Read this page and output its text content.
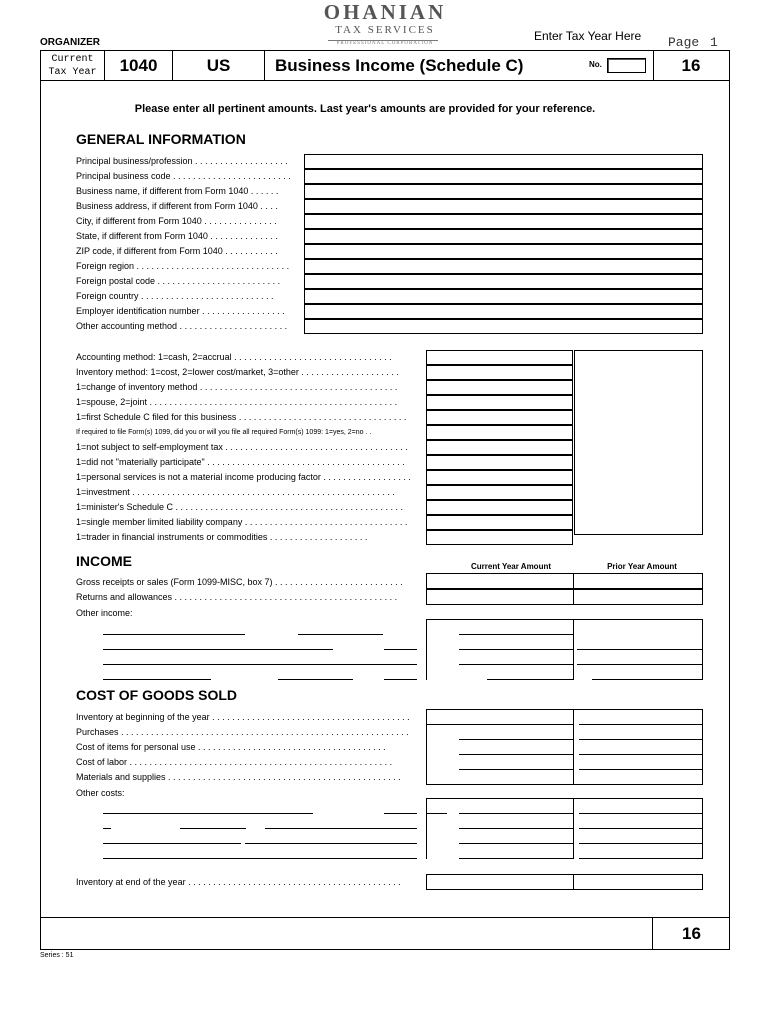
OHANIAN
TAX SERVICES
PROFESSIONAL CORPORATION
ORGANIZER	Enter Tax Year Here Page 1
Current
Tax Year	1040	US	Business Income (Schedule C)	No.	16
Please enter all pertinent amounts. Last year's amounts are provided for your reference.
GENERAL INFORMATION
Principal business/profession . . . . . . . . . . . . . . . . . . .
Principal business code . . . . . . . . . . . . . . . . . . . . . . . .
Business name, if different from Form 1040 . . . . . .
Business address, if different from Form 1040 . . . .
City, if different from Form 1040 . . . . . . . . . . . . . . .
State, if different from Form 1040 . . . . . . . . . . . . . .
ZIP code, if different from Form 1040 . . . . . . . . . . .
Foreign region . . . . . . . . . . . . . . . . . . . . . . . . . . . . . . .
Foreign postal code . . . . . . . . . . . . . . . . . . . . . . . . .
Foreign country . . . . . . . . . . . . . . . . . . . . . . . . . . .
Employer identification number . . . . . . . . . . . . . . . . .
Other accounting method . . . . . . . . . . . . . . . . . . . . . .
Accounting method: 1=cash, 2=accrual . . . . . . . . . . . . . . . . . . . . . . . . . . . . . . . .
Inventory method: 1=cost, 2=lower cost/market, 3=other . . . . . . . . . . . . . . . . . . . .
1=change of inventory method . . . . . . . . . . . . . . . . . . . . . . . . . . . . . . . . . . . . . . . .
1=spouse, 2=joint . . . . . . . . . . . . . . . . . . . . . . . . . . . . . . . . . . . . . . . . . . . . . . . . . .
1=first Schedule C filed for this business . . . . . . . . . . . . . . . . . . . . . . . . . . . . . . . . . .
If required to file Form(s) 1099, did you or will you file all required Form(s) 1099: 1=yes, 2=no . .
1=not subject to self-employment tax . . . . . . . . . . . . . . . . . . . . . . . . . . . . . . . . . . . . .
1=did not "materially participate" . . . . . . . . . . . . . . . . . . . . . . . . . . . . . . . . . . . . . . . .
1=personal services is not a material income producing factor . . . . . . . . . . . . . . . . . .
1=investment . . . . . . . . . . . . . . . . . . . . . . . . . . . . . . . . . . . . . . . . . . . . . . . . . . . . .
1=minister's Schedule C . . . . . . . . . . . . . . . . . . . . . . . . . . . . . . . . . . . . . . . . . . . . . .
1=single member limited liability company . . . . . . . . . . . . . . . . . . . . . . . . . . . . . . . . .
1=trader in financial instruments or commodities . . . . . . . . . . . . . . . . . . . .
INCOME	Current Year Amount	Prior Year Amount
Gross receipts or sales (Form 1099-MISC, box 7) . . . . . . . . . . . . . . . . . . . . . . . . . .
Returns and allowances . . . . . . . . . . . . . . . . . . . . . . . . . . . . . . . . . . . . . . . . . . . . .
Other income:
COST OF GOODS SOLD
Inventory at beginning of the year . . . . . . . . . . . . . . . . . . . . . . . . . . . . . . . . . . . . . . . .
Purchases . . . . . . . . . . . . . . . . . . . . . . . . . . . . . . . . . . . . . . . . . . . . . . . . . . . . . . . . . .
Cost of items for personal use . . . . . . . . . . . . . . . . . . . . . . . . . . . . . . . . . . . . . .
Cost of labor . . . . . . . . . . . . . . . . . . . . . . . . . . . . . . . . . . . . . . . . . . . . . . . . . . . . .
Materials and supplies . . . . . . . . . . . . . . . . . . . . . . . . . . . . . . . . . . . . . . . . . . . . . . .
Other costs:
Inventory at end of the year . . . . . . . . . . . . . . . . . . . . . . . . . . . . . . . . . . . . . . . . . . .
16
Series : 51
